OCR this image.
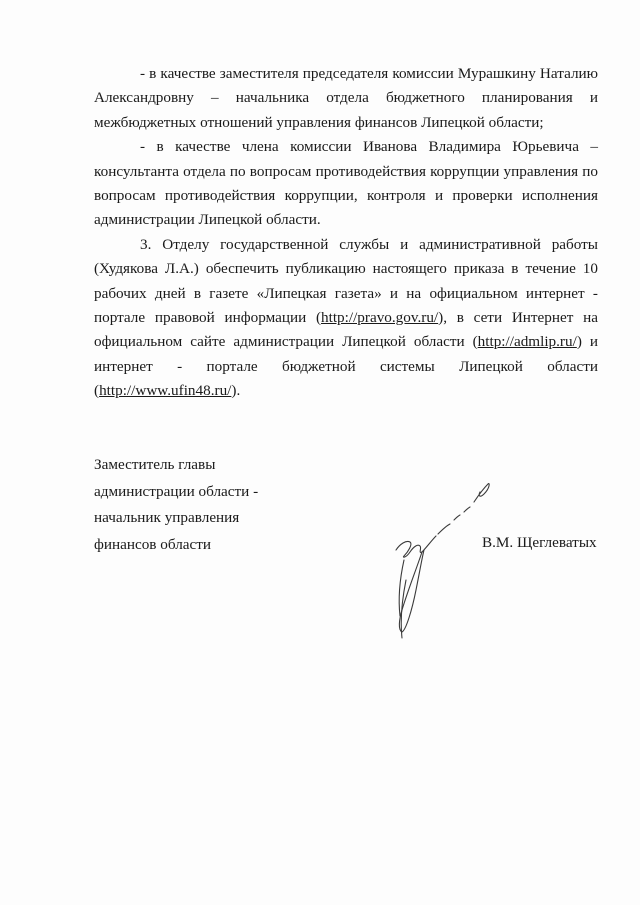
- в качестве заместителя председателя комиссии Мурашкину Наталию Александровну – начальника отдела бюджетного планирования и межбюджетных отношений управления финансов Липецкой области;

- в качестве члена комиссии Иванова Владимира Юрьевича – консультанта отдела по вопросам противодействия коррупции управления по вопросам противодействия коррупции, контроля и проверки исполнения администрации Липецкой области.

3. Отделу государственной службы и административной работы (Худякова Л.А.) обеспечить публикацию настоящего приказа в течение 10 рабочих дней в газете «Липецкая газета» и на официальном интернет - портале правовой информации (http://pravo.gov.ru/), в сети Интернет на официальном сайте администрации Липецкой области (http://admlip.ru/) и интернет - портале бюджетной системы Липецкой области (http://www.ufin48.ru/).

Заместитель главы
администрации области -
начальник управления
финансов области	В.М. Щеглеватых
